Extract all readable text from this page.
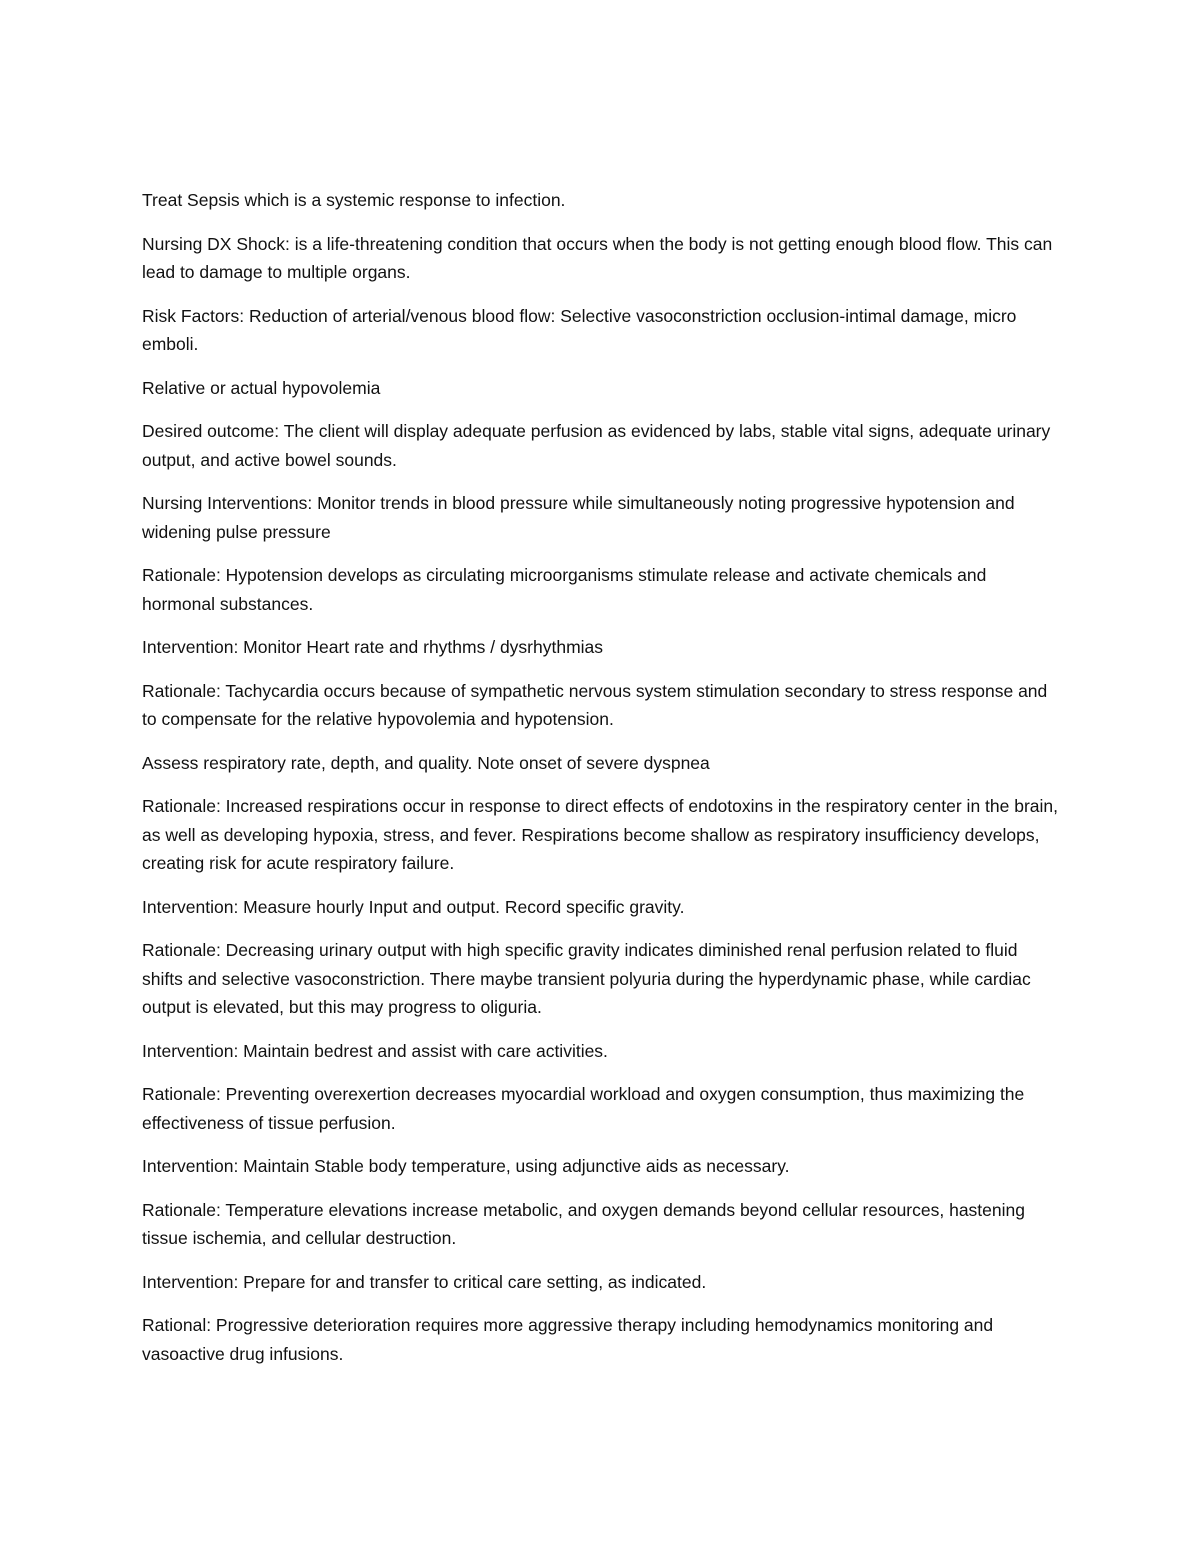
Treat Sepsis which is a systemic response to infection.

Nursing DX Shock: is a life-threatening condition that occurs when the body is not getting enough blood flow. This can lead to damage to multiple organs.

Risk Factors: Reduction of arterial/venous blood flow: Selective vasoconstriction occlusion-intimal damage, micro emboli.

Relative or actual hypovolemia

Desired outcome: The client will display adequate perfusion as evidenced by labs, stable vital signs, adequate urinary output, and active bowel sounds.

Nursing Interventions: Monitor trends in blood pressure while simultaneously noting progressive hypotension and widening pulse pressure

Rationale: Hypotension develops as circulating microorganisms stimulate release and activate chemicals and hormonal substances.

Intervention: Monitor Heart rate and rhythms / dysrhythmias

Rationale: Tachycardia occurs because of sympathetic nervous system stimulation secondary to stress response and to compensate for the relative hypovolemia and hypotension.

Assess respiratory rate, depth, and quality. Note onset of severe dyspnea

Rationale: Increased respirations occur in response to direct effects of endotoxins in the respiratory center in the brain, as well as developing hypoxia, stress, and fever. Respirations become shallow as respiratory insufficiency develops, creating risk for acute respiratory failure.

Intervention: Measure hourly Input and output. Record specific gravity.

Rationale: Decreasing urinary output with high specific gravity indicates diminished renal perfusion related to fluid shifts and selective vasoconstriction. There maybe transient polyuria during the hyperdynamic phase, while cardiac output is elevated, but this may progress to oliguria.

Intervention: Maintain bedrest and assist with care activities.

Rationale: Preventing overexertion decreases myocardial workload and oxygen consumption, thus maximizing the effectiveness of tissue perfusion.

Intervention: Maintain Stable body temperature, using adjunctive aids as necessary.

Rationale: Temperature elevations increase metabolic, and oxygen demands beyond cellular resources, hastening tissue ischemia, and cellular destruction.

Intervention: Prepare for and transfer to critical care setting, as indicated.

Rational: Progressive deterioration requires more aggressive therapy including hemodynamics monitoring and vasoactive drug infusions.
